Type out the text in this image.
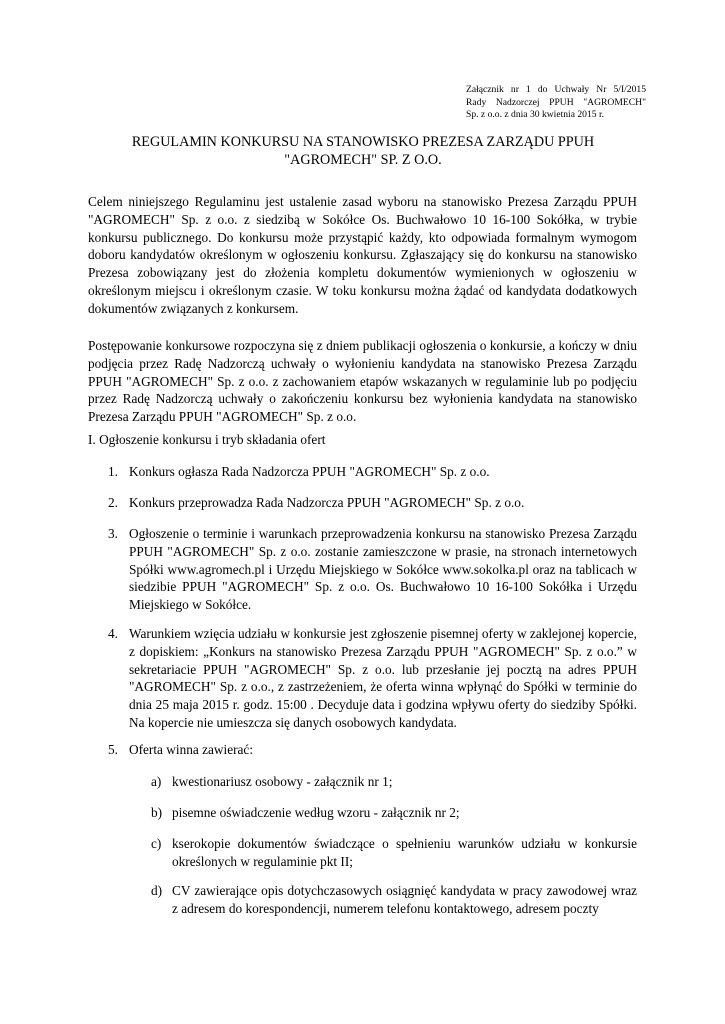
Załącznik nr 1 do Uchwały Nr 5/I/2015
Rady Nadzorczej PPUH "AGROMECH"
Sp. z o.o. z dnia 30 kwietnia 2015 r.
REGULAMIN KONKURSU NA STANOWISKO PREZESA ZARZĄDU PPUH
"AGROMECH" SP. Z O.O.

Celem niniejszego Regulaminu jest ustalenie zasad wyboru na stanowisko Prezesa Zarządu PPUH "AGROMECH" Sp. z o.o. z siedzibą w Sokółce Os. Buchwałowo 10 16-100 Sokółka, w trybie konkursu publicznego. Do konkursu może przystąpić każdy, kto odpowiada formalnym wymogom doboru kandydatów określonym w ogłoszeniu konkursu. Zgłaszający się do konkursu na stanowisko Prezesa zobowiązany jest do złożenia kompletu dokumentów wymienionych w ogłoszeniu w określonym miejscu i określonym czasie. W toku konkursu można żądać od kandydata dodatkowych dokumentów związanych z konkursem.

Postępowanie konkursowe rozpoczyna się z dniem publikacji ogłoszenia o konkursie, a kończy w dniu podjęcia przez Radę Nadzorczą uchwały o wyłonieniu kandydata na stanowisko Prezesa Zarządu PPUH "AGROMECH" Sp. z o.o. z zachowaniem etapów wskazanych w regulaminie lub po podjęciu przez Radę Nadzorczą uchwały o zakończeniu konkursu bez wyłonienia kandydata na stanowisko Prezesa Zarządu PPUH "AGROMECH" Sp. z o.o.

I. Ogłoszenie konkursu i tryb składania ofert
1. Konkurs ogłasza Rada Nadzorcza PPUH "AGROMECH" Sp. z o.o.
2. Konkurs przeprowadza Rada Nadzorcza PPUH "AGROMECH" Sp. z o.o.
3. Ogłoszenie o terminie i warunkach przeprowadzenia konkursu na stanowisko Prezesa Zarządu PPUH "AGROMECH" Sp. z o.o. zostanie zamieszczone w prasie, na stronach internetowych Spółki www.agromech.pl i Urzędu Miejskiego w Sokółce www.sokolka.pl oraz na tablicach w siedzibie PPUH "AGROMECH" Sp. z o.o. Os. Buchwałowo 10 16-100 Sokółka i Urzędu Miejskiego w Sokółce.
4. Warunkiem wzięcia udziału w konkursie jest zgłoszenie pisemnej oferty w zaklejonej kopercie, z dopiskiem: „Konkurs na stanowisko Prezesa Zarządu PPUH "AGROMECH" Sp. z o.o.” w sekretariacie PPUH "AGROMECH" Sp. z o.o. lub przesłanie jej pocztą na adres PPUH "AGROMECH" Sp. z o.o., z zastrzeżeniem, że oferta winna wpłynąć do Spółki w terminie do dnia 25 maja 2015 r. godz. 15:00 . Decyduje data i godzina wpływu oferty do siedziby Spółki. Na kopercie nie umieszcza się danych osobowych kandydata.
5. Oferta winna zawierać:
a) kwestionariusz osobowy - załącznik nr 1;
b) pisemne oświadczenie według wzoru - załącznik nr 2;
c) kserokopie dokumentów świadczące o spełnieniu warunków udziału w konkursie określonych w regulaminie pkt II;
d) CV zawierające opis dotychczasowych osiągnięć kandydata w pracy zawodowej wraz z adresem do korespondencji, numerem telefonu kontaktowego, adresem poczty
